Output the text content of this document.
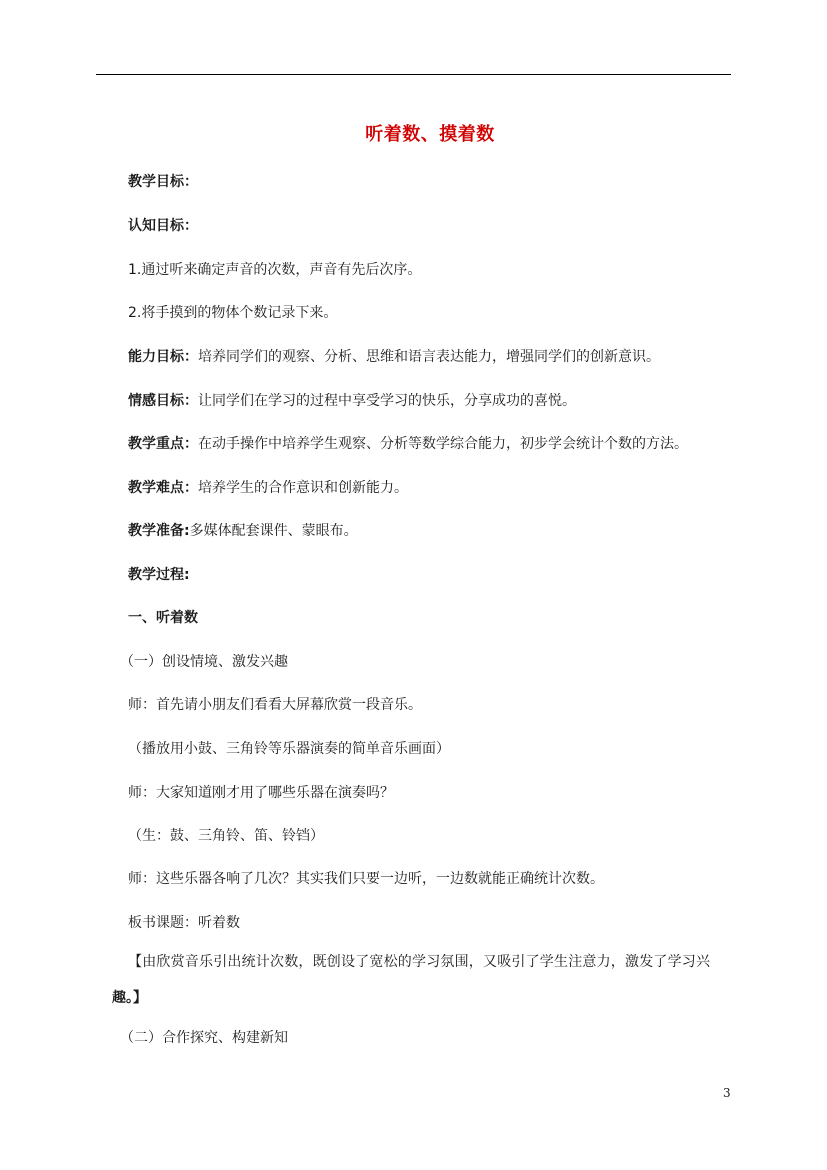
听着数、摸着数
教学目标：
认知目标：
1.通过听来确定声音的次数，声音有先后次序。
2.将手摸到的物体个数记录下来。
能力目标：培养同学们的观察、分析、思维和语言表达能力，增强同学们的创新意识。
情感目标：让同学们在学习的过程中享受学习的快乐，分享成功的喜悦。
教学重点：在动手操作中培养学生观察、分析等数学综合能力，初步学会统计个数的方法。
教学难点：培养学生的合作意识和创新能力。
教学准备:多媒体配套课件、蒙眼布。
教学过程:
一、听着数
（一）创设情境、激发兴趣
师：首先请小朋友们看看大屏幕欣赏一段音乐。
（播放用小鼓、三角铃等乐器演奏的简单音乐画面）
师：大家知道刚才用了哪些乐器在演奏吗？
（生：鼓、三角铃、笛、铃铛）
师：这些乐器各响了几次？其实我们只要一边听，一边数就能正确统计次数。
板书课题：听着数
【由欣赏音乐引出统计次数，既创设了宽松的学习氛围，又吸引了学生注意力，激发了学习兴
趣。】
（二）合作探究、构建新知
3
